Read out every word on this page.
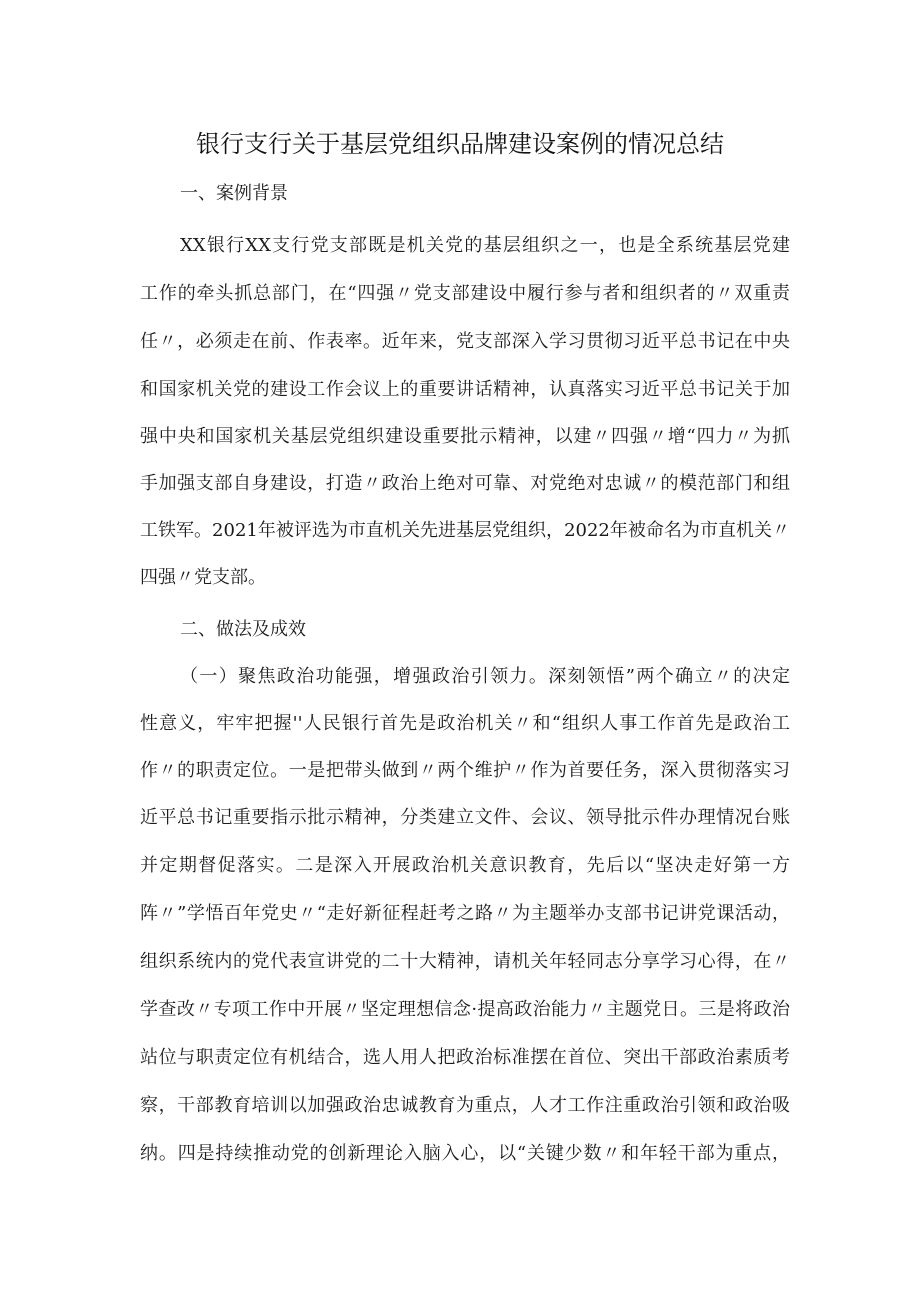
银行支行关于基层党组织品牌建设案例的情况总结
一、案例背景
XX银行XX支行党支部既是机关党的基层组织之一，也是全系统基层党建
工作的牵头抓总部门，在“四强〃党支部建设中履行参与者和组织者的〃双重责
任〃，必须走在前、作表率。近年来，党支部深入学习贯彻习近平总书记在中央
和国家机关党的建设工作会议上的重要讲话精神，认真落实习近平总书记关于加
强中央和国家机关基层党组织建设重要批示精神，以建〃四强〃增“四力〃为抓
手加强支部自身建设，打造〃政治上绝对可靠、对党绝对忠诚〃的模范部门和组
工铁军。2021年被评选为市直机关先进基层党组织，2022年被命名为市直机关〃
四强〃党支部。
二、做法及成效
（一）聚焦政治功能强，增强政治引领力。深刻领悟”两个确立〃的决定
性意义，牢牢把握''人民银行首先是政治机关〃和“组织人事工作首先是政治工
作〃的职责定位。一是把带头做到〃两个维护〃作为首要任务，深入贯彻落实习
近平总书记重要指示批示精神，分类建立文件、会议、领导批示件办理情况台账
并定期督促落实。二是深入开展政治机关意识教育，先后以“坚决走好第一方
阵〃”学悟百年党史〃“走好新征程赶考之路〃为主题举办支部书记讲党课活动，
组织系统内的党代表宣讲党的二十大精神，请机关年轻同志分享学习心得，在〃
学查改〃专项工作中开展〃坚定理想信念·提高政治能力〃主题党日。三是将政治
站位与职责定位有机结合，选人用人把政治标准摆在首位、突出干部政治素质考
察，干部教育培训以加强政治忠诚教育为重点，人才工作注重政治引领和政治吸
纳。四是持续推动党的创新理论入脑入心，以“关键少数〃和年轻干部为重点，
